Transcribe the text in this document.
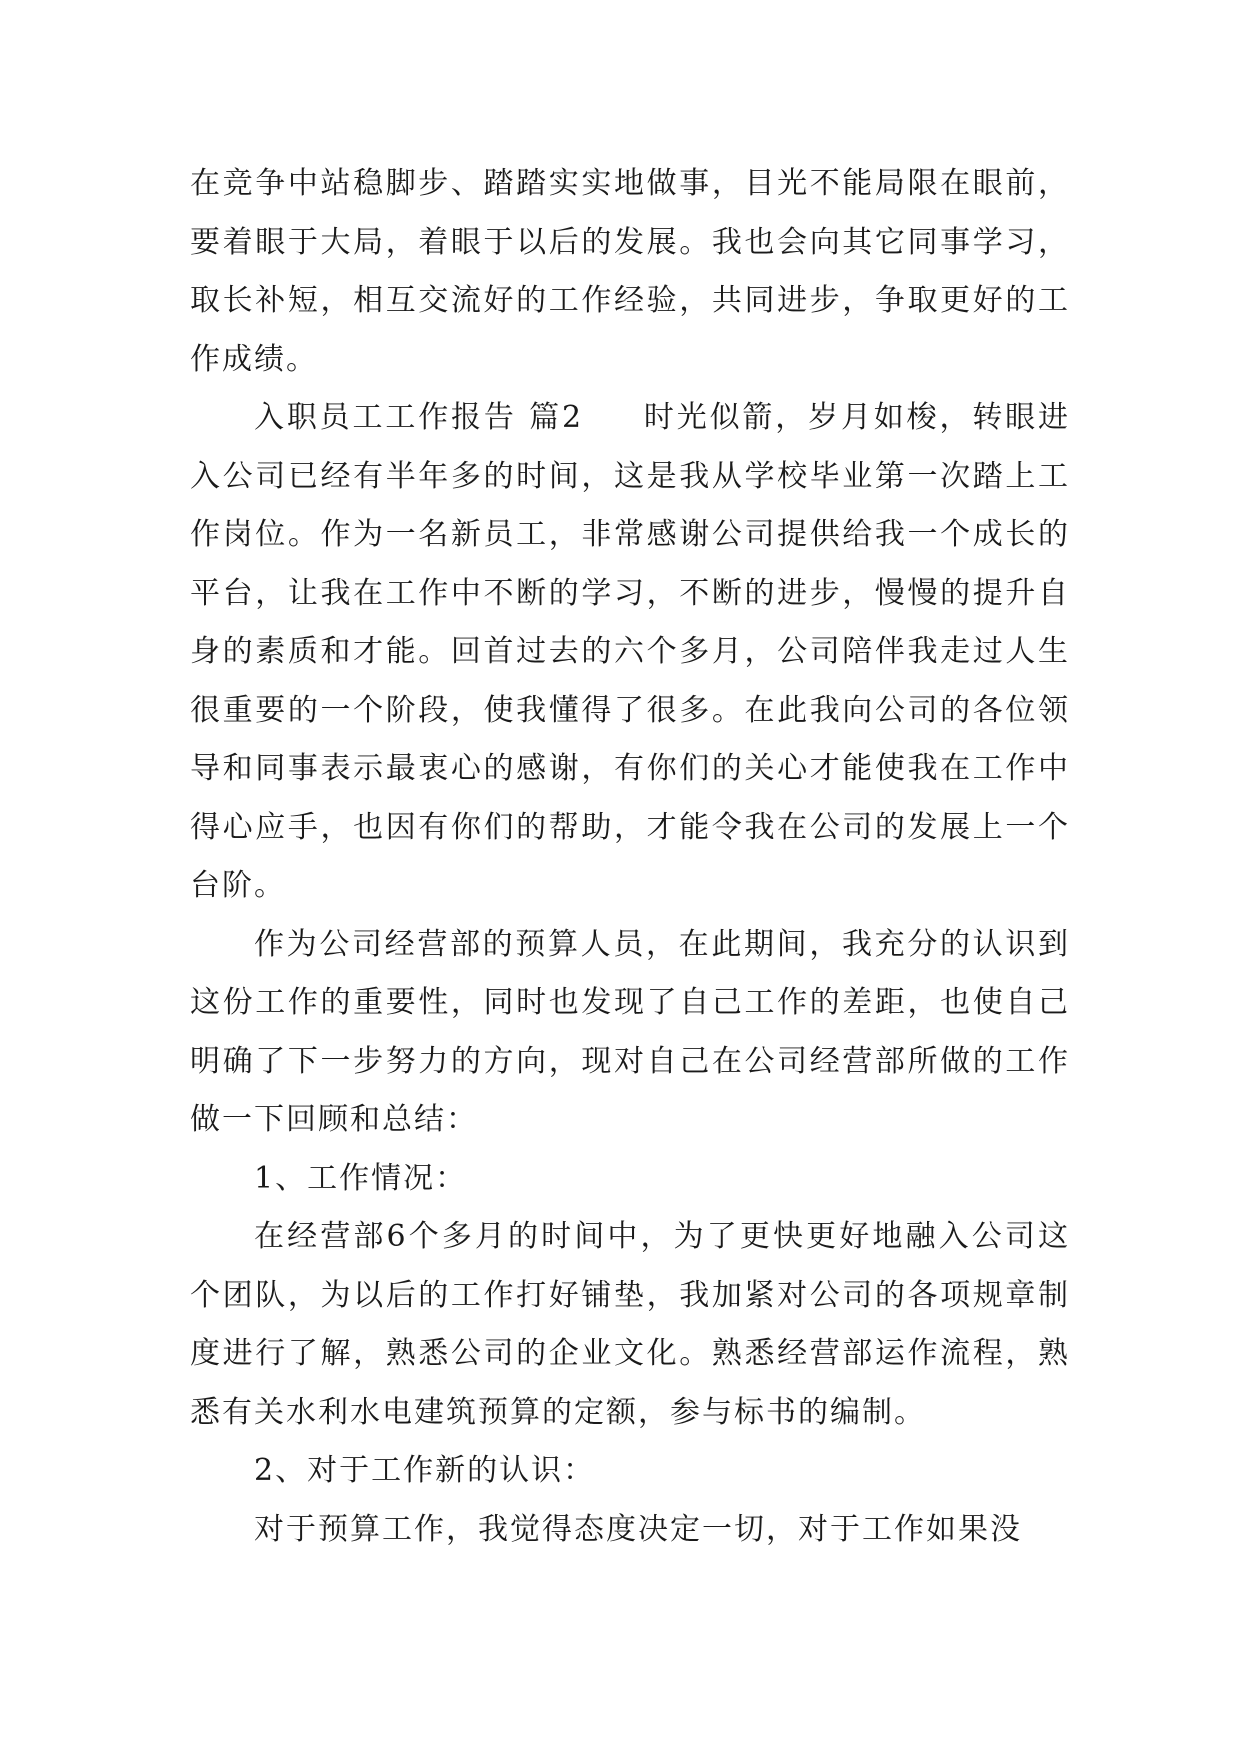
在竞争中站稳脚步、踏踏实实地做事，目光不能局限在眼前，要着眼于大局，着眼于以后的发展。我也会向其它同事学习，取长补短，相互交流好的工作经验，共同进步，争取更好的工作成绩。

入职员工工作报告 篇2 时光似箭，岁月如梭，转眼进入公司已经有半年多的时间，这是我从学校毕业第一次踏上工作岗位。作为一名新员工，非常感谢公司提供给我一个成长的平台，让我在工作中不断的学习，不断的进步，慢慢的提升自身的素质和才能。回首过去的六个多月，公司陪伴我走过人生很重要的一个阶段，使我懂得了很多。在此我向公司的各位领导和同事表示最衷心的感谢，有你们的关心才能使我在工作中得心应手，也因有你们的帮助，才能令我在公司的发展上一个台阶。

作为公司经营部的预算人员，在此期间，我充分的认识到这份工作的重要性，同时也发现了自己工作的差距，也使自己明确了下一步努力的方向，现对自己在公司经营部所做的工作做一下回顾和总结：

1、工作情况：

在经营部6个多月的时间中，为了更快更好地融入公司这个团队，为以后的工作打好铺垫，我加紧对公司的各项规章制度进行了解，熟悉公司的企业文化。熟悉经营部运作流程，熟悉有关水利水电建筑预算的定额，参与标书的编制。

2、对于工作新的认识：

对于预算工作，我觉得态度决定一切，对于工作如果没
